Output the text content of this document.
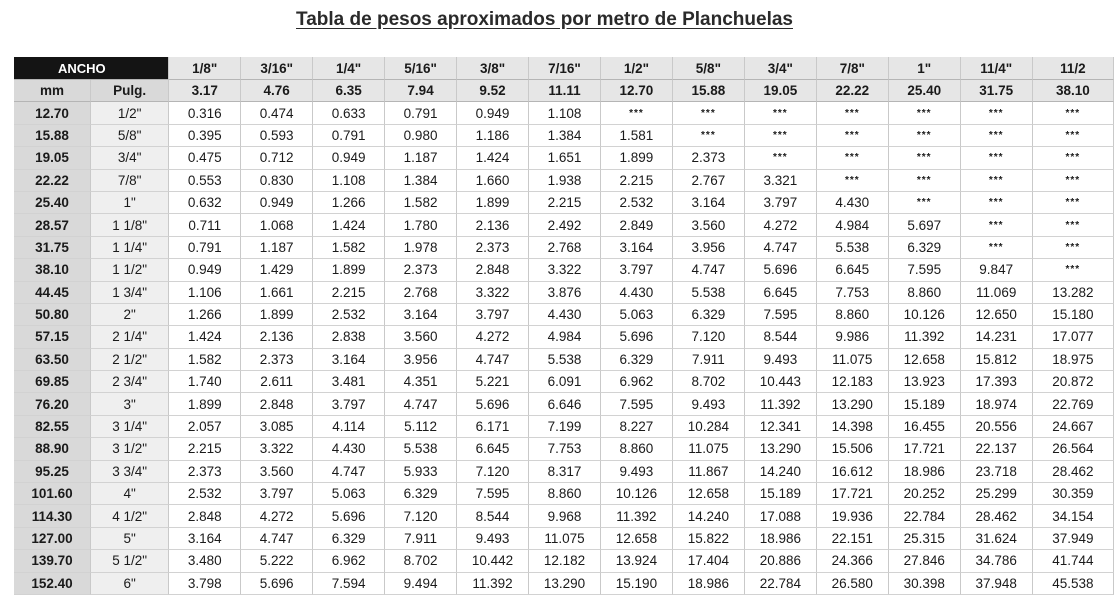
Tabla de pesos aproximados por metro de Planchuelas
ANCHO		1/8"	3/16"	1/4"	5/16"	3/8"	7/16"	1/2"	5/8"	3/4"	7/8"	1"	11/4"	11/2
mm	Pulg.	3.17	4.76	6.35	7.94	9.52	11.11	12.70	15.88	19.05	22.22	25.40	31.75	38.10
12.70	1/2"	0.316	0.474	0.633	0.791	0.949	1.108	***	***	***	***	***	***	***
15.88	5/8"	0.395	0.593	0.791	0.980	1.186	1.384	1.581	***	***	***	***	***	***
19.05	3/4"	0.475	0.712	0.949	1.187	1.424	1.651	1.899	2.373	***	***	***	***	***
22.22	7/8"	0.553	0.830	1.108	1.384	1.660	1.938	2.215	2.767	3.321	***	***	***	***
25.40	1"	0.632	0.949	1.266	1.582	1.899	2.215	2.532	3.164	3.797	4.430	***	***	***
28.57	1 1/8"	0.711	1.068	1.424	1.780	2.136	2.492	2.849	3.560	4.272	4.984	5.697	***	***
31.75	1 1/4"	0.791	1.187	1.582	1.978	2.373	2.768	3.164	3.956	4.747	5.538	6.329	***	***
38.10	1 1/2"	0.949	1.429	1.899	2.373	2.848	3.322	3.797	4.747	5.696	6.645	7.595	9.847	***
44.45	1 3/4"	1.106	1.661	2.215	2.768	3.322	3.876	4.430	5.538	6.645	7.753	8.860	11.069	13.282
50.80	2"	1.266	1.899	2.532	3.164	3.797	4.430	5.063	6.329	7.595	8.860	10.126	12.650	15.180
57.15	2 1/4"	1.424	2.136	2.838	3.560	4.272	4.984	5.696	7.120	8.544	9.986	11.392	14.231	17.077
63.50	2 1/2"	1.582	2.373	3.164	3.956	4.747	5.538	6.329	7.911	9.493	11.075	12.658	15.812	18.975
69.85	2 3/4"	1.740	2.611	3.481	4.351	5.221	6.091	6.962	8.702	10.443	12.183	13.923	17.393	20.872
76.20	3"	1.899	2.848	3.797	4.747	5.696	6.646	7.595	9.493	11.392	13.290	15.189	18.974	22.769
82.55	3 1/4"	2.057	3.085	4.114	5.112	6.171	7.199	8.227	10.284	12.341	14.398	16.455	20.556	24.667
88.90	3 1/2"	2.215	3.322	4.430	5.538	6.645	7.753	8.860	11.075	13.290	15.506	17.721	22.137	26.564
95.25	3 3/4"	2.373	3.560	4.747	5.933	7.120	8.317	9.493	11.867	14.240	16.612	18.986	23.718	28.462
101.60	4"	2.532	3.797	5.063	6.329	7.595	8.860	10.126	12.658	15.189	17.721	20.252	25.299	30.359
114.30	4 1/2"	2.848	4.272	5.696	7.120	8.544	9.968	11.392	14.240	17.088	19.936	22.784	28.462	34.154
127.00	5"	3.164	4.747	6.329	7.911	9.493	11.075	12.658	15.822	18.986	22.151	25.315	31.624	37.949
139.70	5 1/2"	3.480	5.222	6.962	8.702	10.442	12.182	13.924	17.404	20.886	24.366	27.846	34.786	41.744
152.40	6"	3.798	5.696	7.594	9.494	11.392	13.290	15.190	18.986	22.784	26.580	30.398	37.948	45.538
